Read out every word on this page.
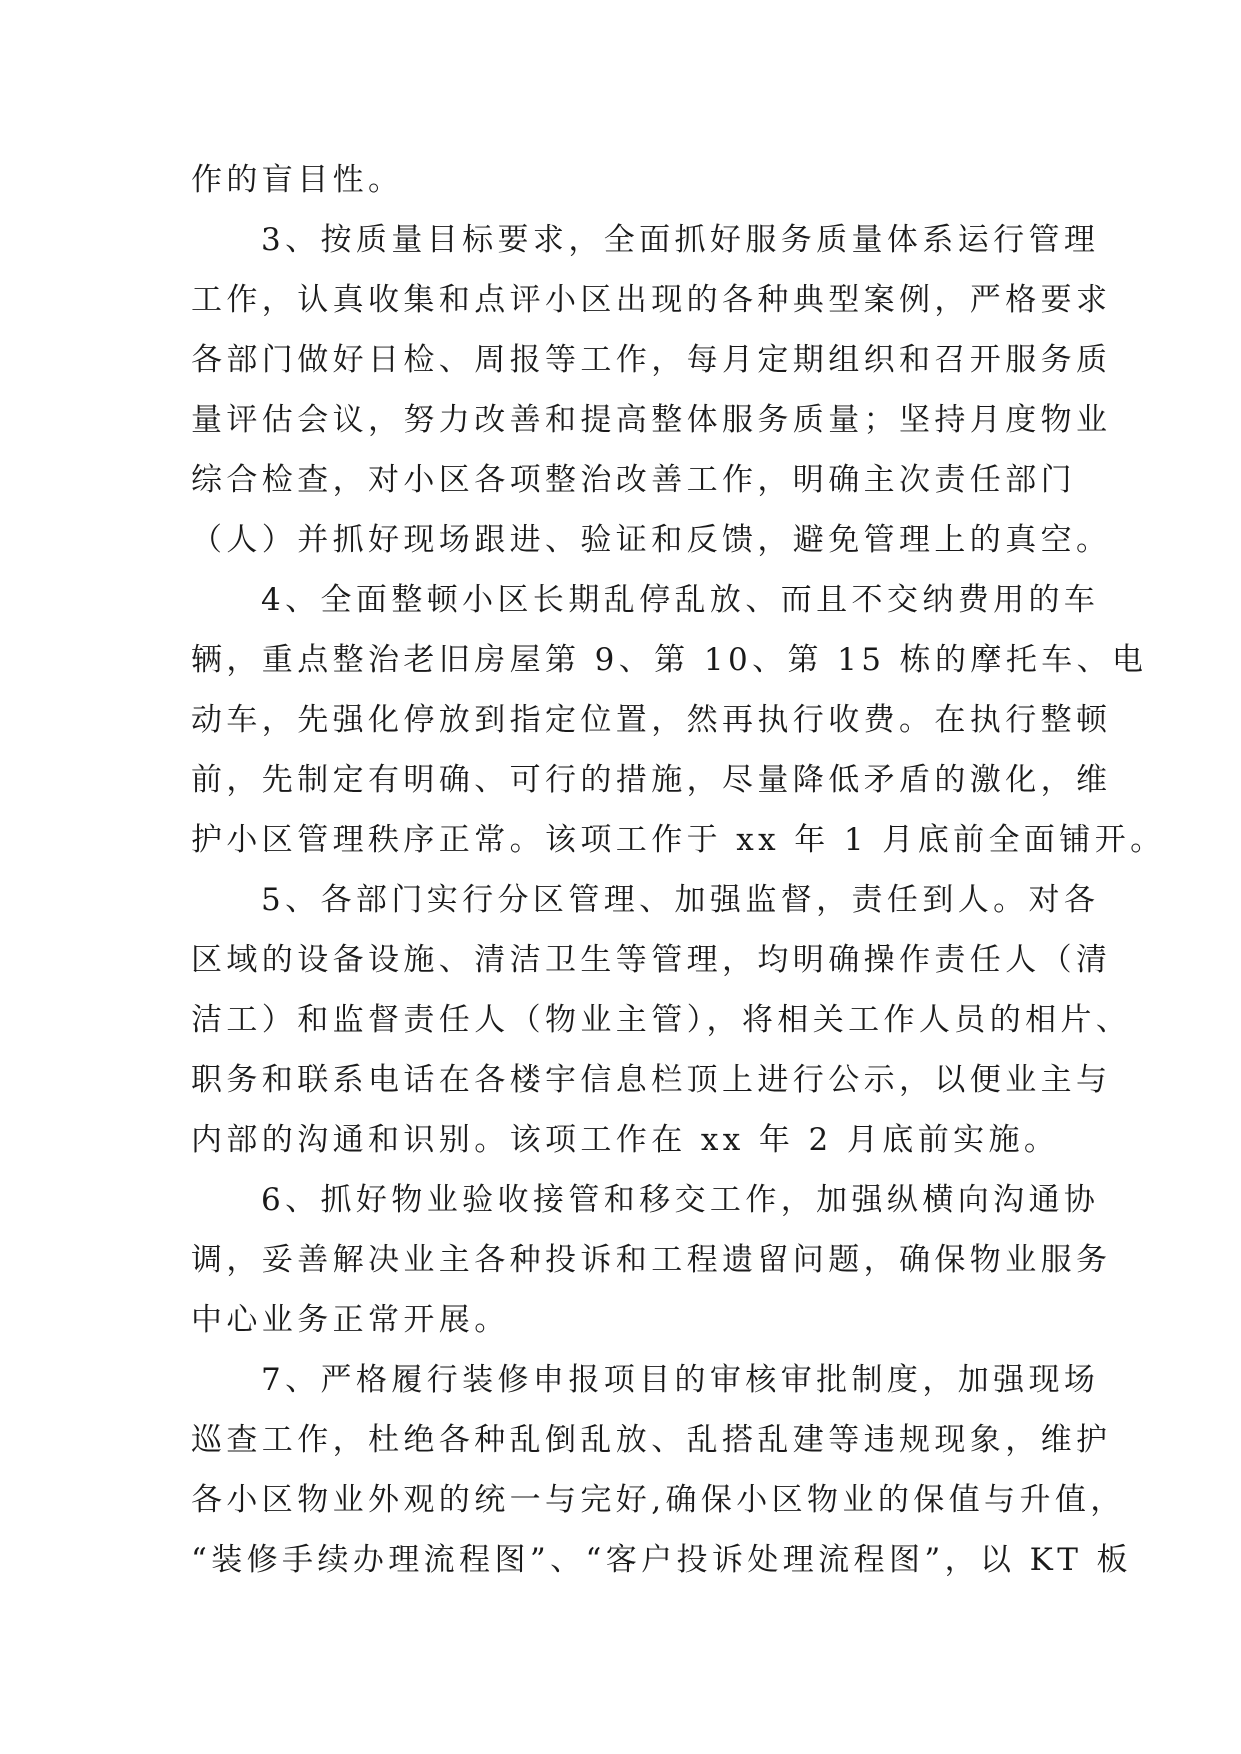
作的盲目性。
3、按质量目标要求，全面抓好服务质量体系运行管理
工作，认真收集和点评小区出现的各种典型案例，严格要求
各部门做好日检、周报等工作，每月定期组织和召开服务质
量评估会议，努力改善和提高整体服务质量；坚持月度物业
综合检查，对小区各项整治改善工作，明确主次责任部门
（人）并抓好现场跟进、验证和反馈，避免管理上的真空。
4、全面整顿小区长期乱停乱放、而且不交纳费用的车
辆，重点整治老旧房屋第 9、第 10、第 15 栋的摩托车、电
动车，先强化停放到指定位置，然再执行收费。在执行整顿
前，先制定有明确、可行的措施，尽量降低矛盾的激化，维
护小区管理秩序正常。该项工作于 xx 年 1 月底前全面铺开。
5、各部门实行分区管理、加强监督，责任到人。对各
区域的设备设施、清洁卫生等管理，均明确操作责任人（清
洁工）和监督责任人（物业主管），将相关工作人员的相片、
职务和联系电话在各楼宇信息栏顶上进行公示，以便业主与
内部的沟通和识别。该项工作在 xx 年 2 月底前实施。
6、抓好物业验收接管和移交工作，加强纵横向沟通协
调，妥善解决业主各种投诉和工程遗留问题，确保物业服务
中心业务正常开展。
7、严格履行装修申报项目的审核审批制度，加强现场
巡查工作，杜绝各种乱倒乱放、乱搭乱建等违规现象，维护
各小区物业外观的统一与完好,确保小区物业的保值与升值，
“装修手续办理流程图”、“客户投诉处理流程图”，以 KT 板
